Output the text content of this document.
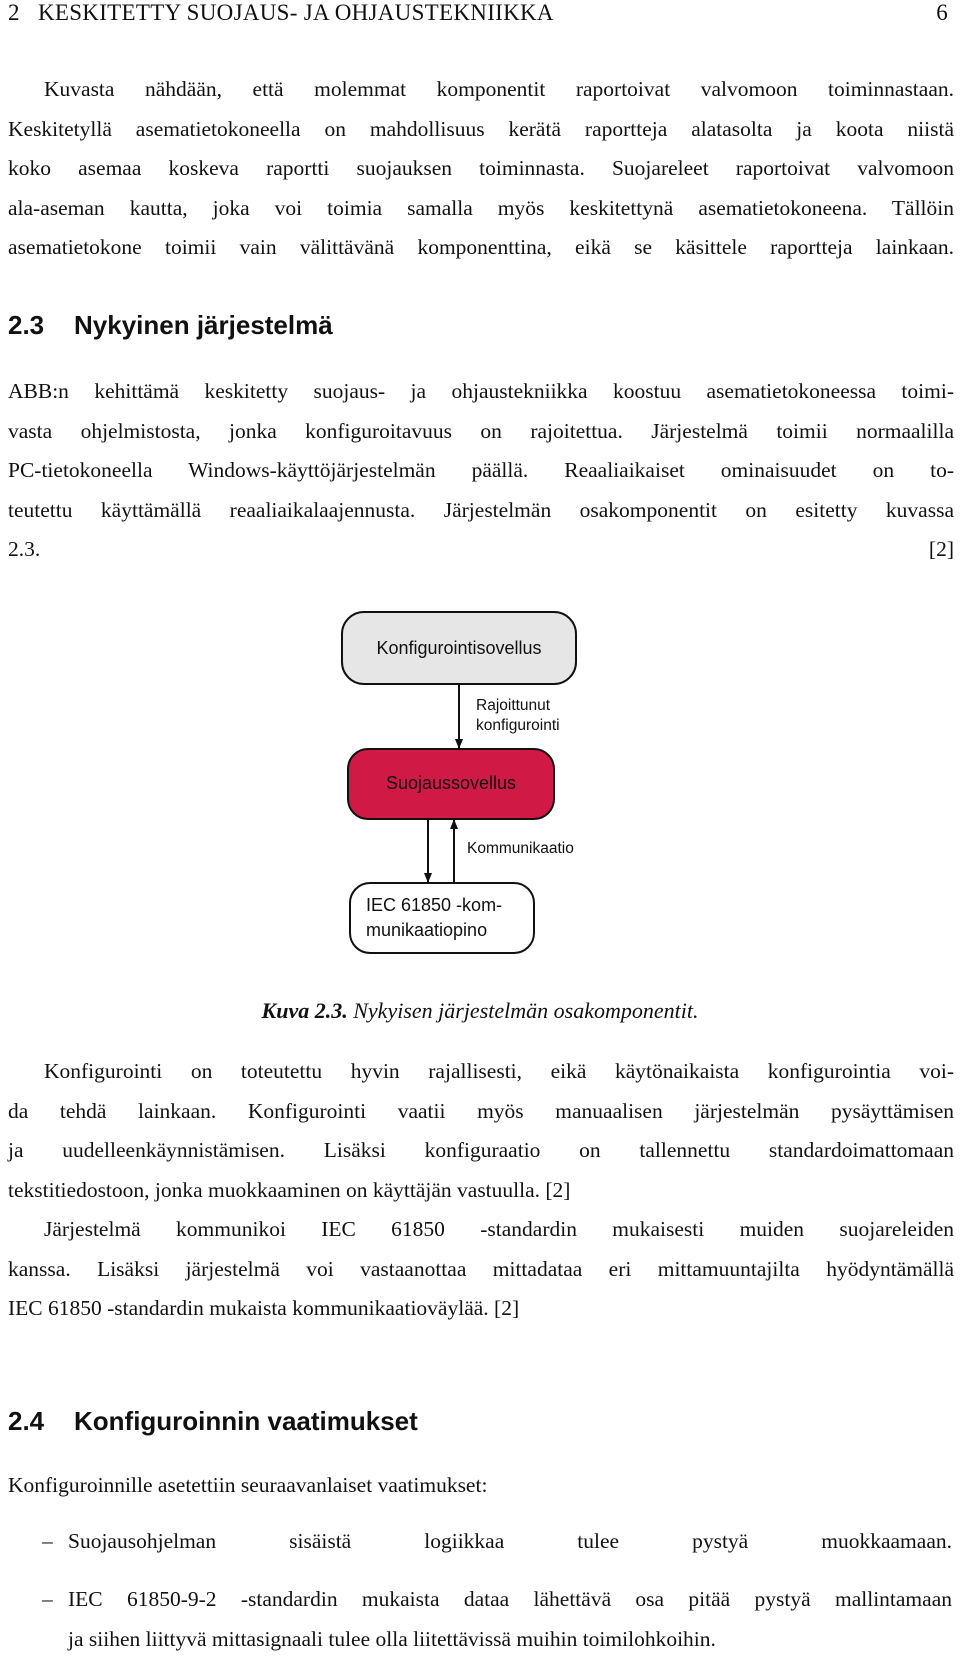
2   KESKITETTY SUOJAUS- JA OHJAUSTEKNIIKKA	6
Kuvasta nähdään, että molemmat komponentit raportoivat valvomoon toiminnastaan.
Keskitetyllä asematietokoneella on mahdollisuus kerätä raportteja alatasolta ja koota niistä
koko asemaa koskeva raportti suojauksen toiminnasta. Suojareleet raportoivat valvomoon
ala-aseman kautta, joka voi toimia samalla myös keskitettynä asematietokoneena. Tällöin
asematietokone toimii vain välittävänä komponenttina, eikä se käsittele raportteja lainkaan.
2.3 Nykyinen järjestelmä
ABB:n kehittämä keskitetty suojaus- ja ohjaustekniikka koostuu asematietokoneessa toimi-
vasta ohjelmistosta, jonka konfiguroitavuus on rajoitettua. Järjestelmä toimii normaalilla
PC-tietokoneella Windows-käyttöjärjestelmän päällä. Reaaliaikaiset ominaisuudet on to-
teutettu käyttämällä reaaliaikalaajennusta. Järjestelmän osakomponentit on esitetty kuvassa
2.3. [2]
Konfigurointisovellus
Rajoittunut
konfigurointi
Suojaussovellus
Kommunikaatio
IEC 61850 -kom-
munikaatiopino
Kuva 2.3. Nykyisen järjestelmän osakomponentit.
Konfigurointi on toteutettu hyvin rajallisesti, eikä käytönaikaista konfigurointia voi-
da tehdä lainkaan. Konfigurointi vaatii myös manuaalisen järjestelmän pysäyttämisen
ja uudelleenkäynnistämisen. Lisäksi konfiguraatio on tallennettu standardoimattomaan
tekstitiedostoon, jonka muokkaaminen on käyttäjän vastuulla. [2]
Järjestelmä kommunikoi IEC 61850 -standardin mukaisesti muiden suojareleiden
kanssa. Lisäksi järjestelmä voi vastaanottaa mittadataa eri mittamuuntajilta hyödyntämällä
IEC 61850 -standardin mukaista kommunikaatioväylää. [2]
2.4 Konfiguroinnin vaatimukset
Konfiguroinnille asetettiin seuraavanlaiset vaatimukset:
– Suojausohjelman sisäistä logiikkaa tulee pystyä muokkaamaan.
– IEC 61850-9-2 -standardin mukaista dataa lähettävä osa pitää pystyä mallintamaan
ja siihen liittyvä mittasignaali tulee olla liitettävissä muihin toimilohkoihin.
